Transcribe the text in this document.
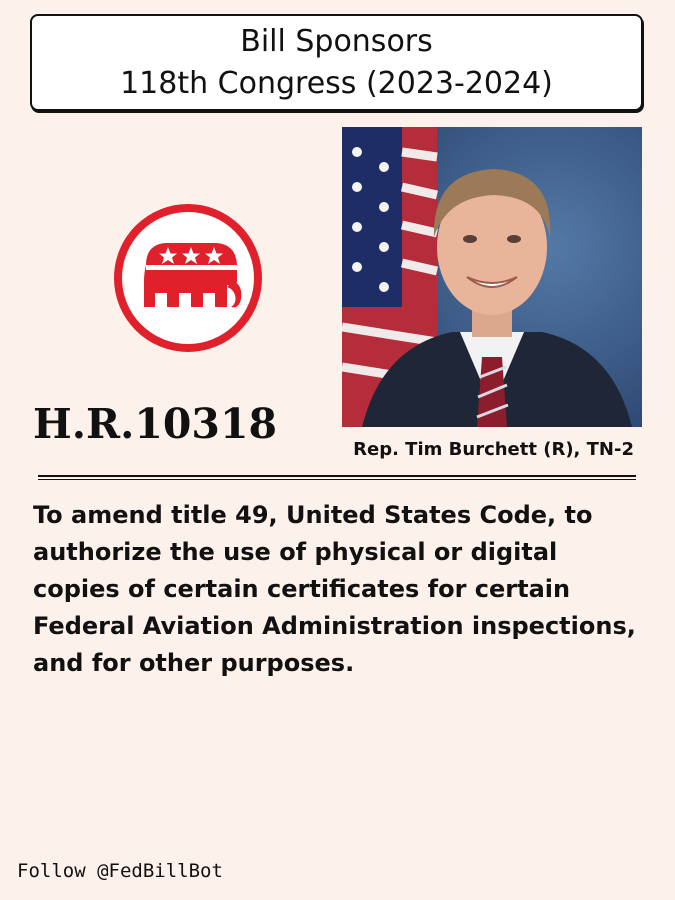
Bill Sponsors
118th Congress (2023-2024)
H.R.10318
Rep. Tim Burchett (R), TN-2
To amend title 49, United States Code, to authorize the use of physical or digital copies of certain certificates for certain Federal Aviation Administration inspections, and for other purposes.
Follow @FedBillBot
